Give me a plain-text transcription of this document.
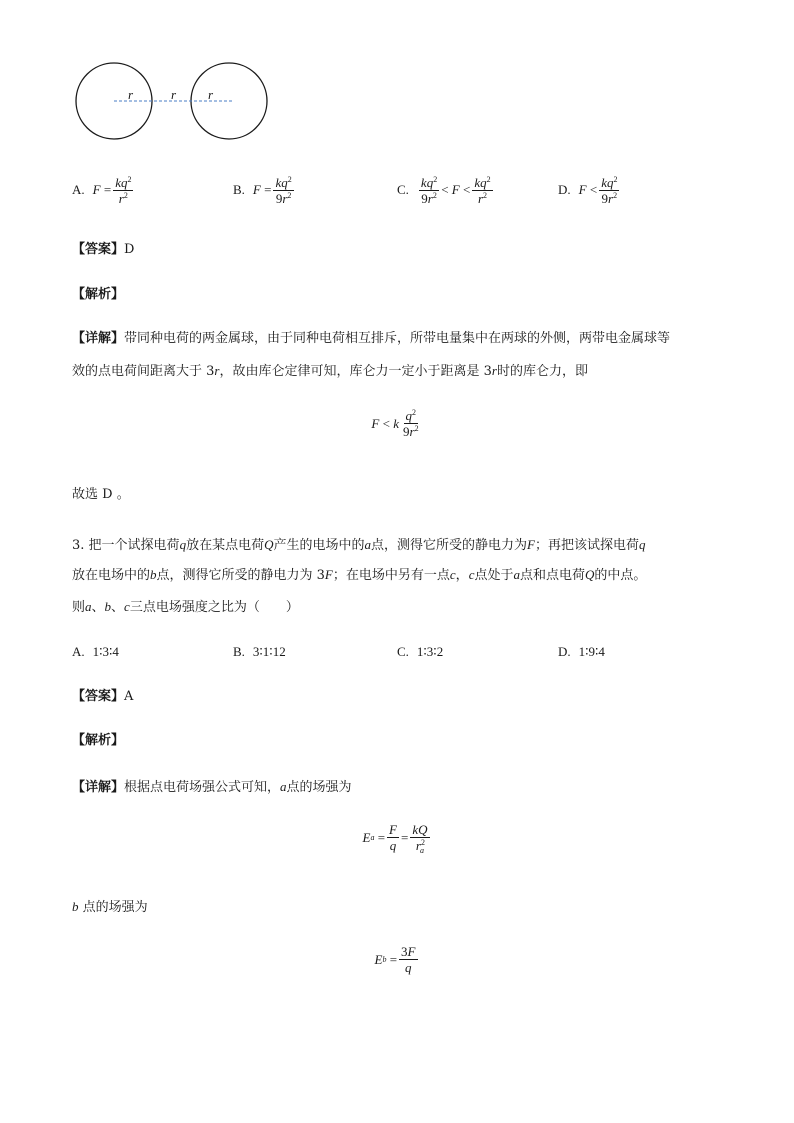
r	r r
A. F
= $\frac{kq^2}{r^2}$	B. F
= $\frac{kq^2}{9r^2}$	C. $\frac{kq^2}{9r^2}$ <
F
< $\frac{kq^2}{r^2}$	D. F
< $\frac{kq^2}{9r^2}$
【答案】D
【解析】
【详解】带同种电荷的两金属球，由于同种电荷相互排斥，所带电量集中在两球的外侧，两带电金属球等
效的点电荷间距离大于 3r，故由库仑定律可知，库仑力一定小于距离是 3r时的库仑力，即
F
<
k $\frac{q^2}{9r^2}$
故选 D 。
3. 把一个试探电荷q放在某点电荷Q产生的电场中的a点，测得它所受的静电力为F；再把该试探电荷q
放在电场中的b点，测得它所受的静电力为 3F；在电场中另有一点c，c点处于a点和点电荷Q的中点。
则a、b、c三点电场强度之比为（　　）
A. 1∶3∶4	B. 3∶1∶12	C. 1∶3∶2	D. 1∶9∶4
【答案】A
【解析】
【详解】根据点电荷场强公式可知，a点的场强为
E a
= $\frac{F}{q} = \frac{kQ}{r^2_a}$
b 点的场强为
E b
= $\frac{3F}{q}$
